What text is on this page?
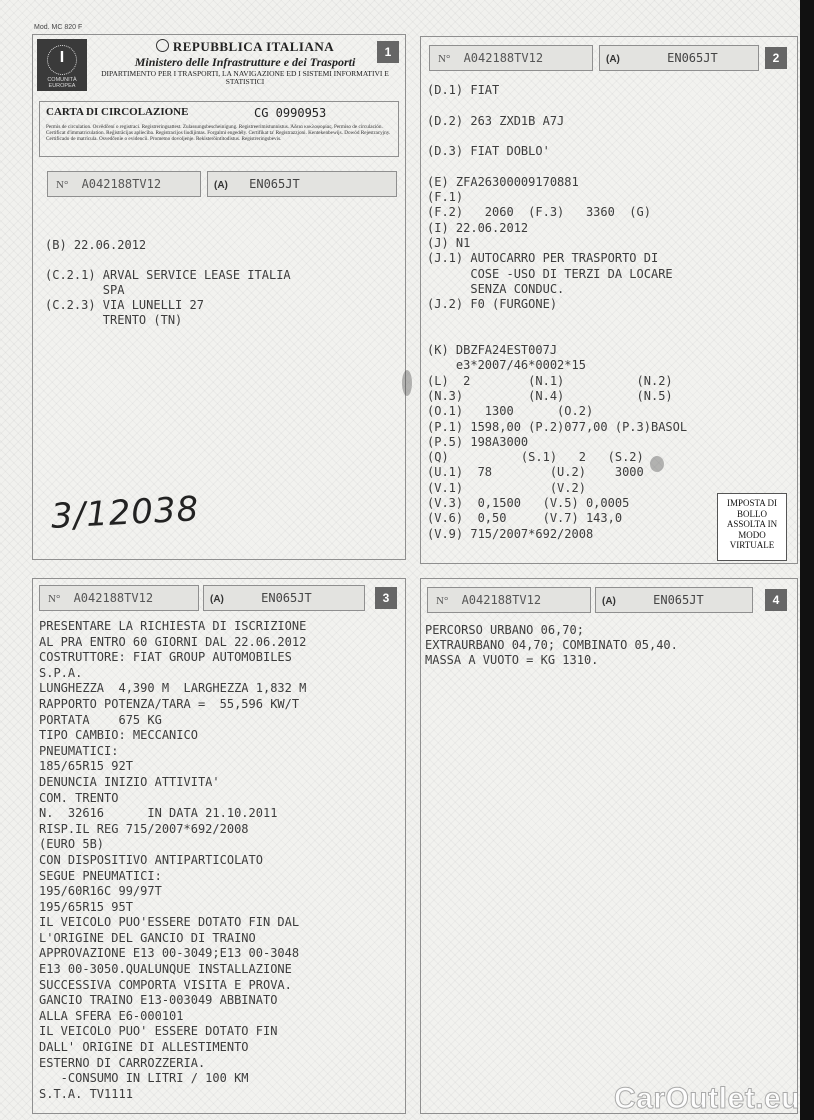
Mod. MC 820 F
I
COMUNITÀ EUROPEA
REPUBBLICA ITALIANA
Ministero delle Infrastrutture e dei Trasporti
DIPARTIMENTO PER I TRASPORTI, LA NAVIGAZIONE ED I SISTEMI INFORMATIVI E STATISTICI
1
CARTA DI CIRCOLAZIONE	CG 0990953
Permis de circulation. Osvědčení o registraci. Registreringsattest. Zulassungsbescheinigung. Registreerimistunnistus. Άδεια κυκλοφορίας. Permiso de circulación. Certificat d'immatriculation. Reģistrācijas apliecība. Registracijos liudijimas. Forgalmi engedély. Certifikat ta' Registrazzjoni. Kentekenbewijs. Dowód Rejestracyjny. Certificado de matrícula. Osvedčenie o evidencii. Prometno dovoljenje. Rekisteröintitodistus. Registreringsbevis.
N° A042188TV12	(A) EN065JT

(B) 22.06.2012

(C.2.1) ARVAL SERVICE LEASE ITALIA
SPA
(C.2.3) VIA LUNELLI 27
TRENTO (TN)
3/12038
N° A042188TV12	(A)	EN065JT	2
(D.1) FIAT
(D.2) 263 ZXD1B A7J
(D.3) FIAT DOBLO'
(E) ZFA26300009170881
(F.1)
(F.2)   2060  (F.3)   3360  (G)
(I) 22.06.2012
(J) N1
(J.1) AUTOCARRO PER TRASPORTO DI
COSE -USO DI TERZI DA LOCARE
SENZA CONDUC.
(J.2) F0 (FURGONE)
(K) DBZFA24EST007J
e3*2007/46*0002*15
(L)  2        (N.1)          (N.2)
(N.3)         (N.4)          (N.5)
(O.1)   1300      (O.2)
(P.1) 1598,00 (P.2)077,00 (P.3)BASOL
(P.5) 198A3000
(Q)          (S.1)   2   (S.2)
(U.1)  78        (U.2)    3000
(V.1)            (V.2)
(V.3)  0,1500   (V.5) 0,0005
(V.6)  0,50     (V.7) 143,0
(V.9) 715/2007*692/2008
IMPOSTA DI BOLLO ASSOLTA IN MODO VIRTUALE
N° A042188TV12	(A)	EN065JT	3
PRESENTARE LA RICHIESTA DI ISCRIZIONE
AL PRA ENTRO 60 GIORNI DAL 22.06.2012
COSTRUTTORE: FIAT GROUP AUTOMOBILES
S.P.A.
LUNGHEZZA  4,390 M  LARGHEZZA 1,832 M
RAPPORTO POTENZA/TARA =  55,596 KW/T
PORTATA    675 KG
TIPO CAMBIO: MECCANICO
PNEUMATICI:
185/65R15 92T
DENUNCIA INIZIO ATTIVITA'
COM. TRENTO
N.  32616      IN DATA 21.10.2011
RISP.IL REG 715/2007*692/2008
(EURO 5B)
CON DISPOSITIVO ANTIPARTICOLATO
SEGUE PNEUMATICI:
195/60R16C 99/97T
195/65R15 95T
IL VEICOLO PUO'ESSERE DOTATO FIN DAL
L'ORIGINE DEL GANCIO DI TRAINO
APPROVAZIONE E13 00-3049;E13 00-3048
E13 00-3050.QUALUNQUE INSTALLAZIONE
SUCCESSIVA COMPORTA VISITA E PROVA.
GANCIO TRAINO E13-003049 ABBINATO
ALLA SFERA E6-000101
IL VEICOLO PUO' ESSERE DOTATO FIN
DALL' ORIGINE DI ALLESTIMENTO
ESTERNO DI CARROZZERIA.
-CONSUMO IN LITRI / 100 KM
S.T.A. TV1111
N° A042188TV12	(A)	EN065JT	4
PERCORSO URBANO 06,70;
EXTRAURBANO 04,70; COMBINATO 05,40.
MASSA A VUOTO = KG 1310.
CarOutlet.eu
